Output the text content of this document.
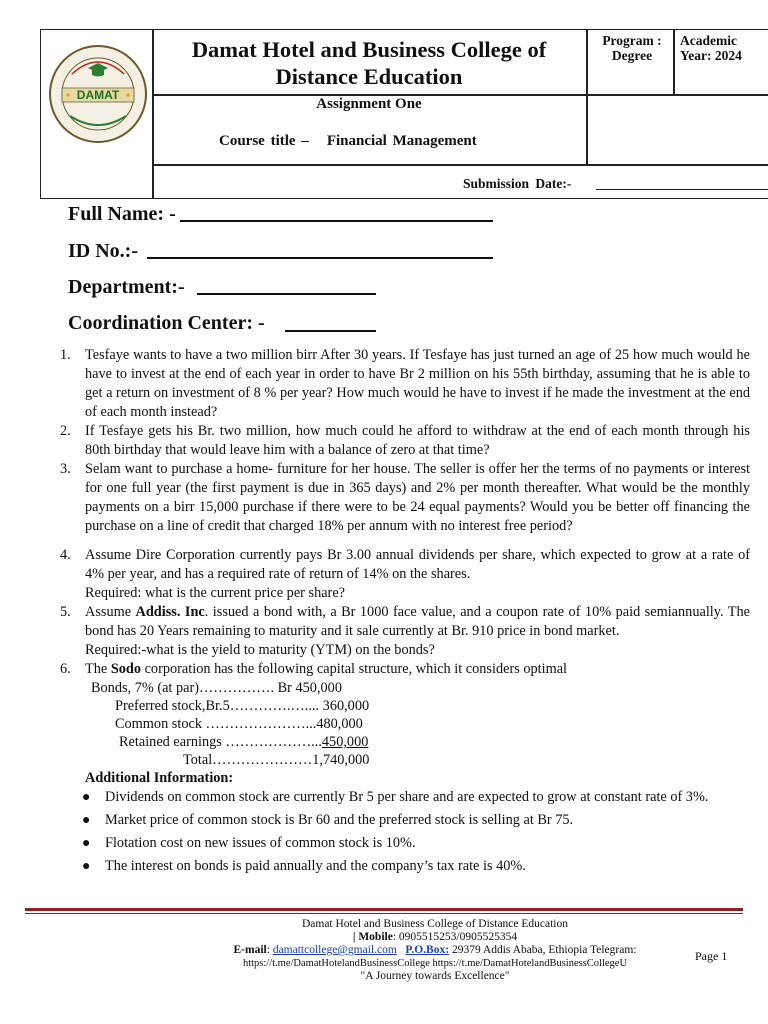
Damat Hotel and Business College of
Distance Education
Program :
Degree
Academic
Year: 2024
Assignment One
Course title – Financial Management
Submission Date:-
DAMAT
Full Name: -
ID No.:-
Department:-
Coordination Center: -
1. Tesfaye wants to have a two million birr After 30 years. If Tesfaye has just turned an age of 25 how much would he have to invest at the end of each year in order to have Br 2 million on his 55th birthday, assuming that he is able to get a return on investment of 8 % per year? How much would he have to invest if he made the investment at the end of each month instead?

2. If Tesfaye gets his Br. two million, how much could he afford to withdraw at the end of each month through his 80th birthday that would leave him with a balance of zero at that time?

3. Selam want to purchase a home- furniture for her house. The seller is offer her the terms of no payments or interest for one full year (the first payment is due in 365 days) and 2% per month thereafter. What would be the monthly payments on a birr 15,000 purchase if there were to be 24 equal payments? Would you be better off financing the purchase on a line of credit that charged 18% per annum with no interest free period?

4. Assume Dire Corporation currently pays Br 3.00 annual dividends per share, which expected to grow at a rate of 4% per year, and has a required rate of return of 14% on the shares.

Required: what is the current price per share?

5. Assume Addiss. Inc. issued a bond with, a Br 1000 face value, and a coupon rate of 10% paid semiannually. The bond has 20 Years remaining to maturity and it sale currently at Br. 910 price in bond market.

Required:-what is the yield to maturity (YTM) on the bonds?

6. The Sodo corporation has the following capital structure, which it considers optimal

Bonds, 7% (at par)……………. Br 450,000
Preferred stock,Br.5………….….... 360,000
Common stock …………………...480,000
Retained earnings ………………...450,000
Total…………………1,740,000
Additional Information:
● Dividends on common stock are currently Br 5 per share and are expected to grow at constant rate of 3%.
● Market price of common stock is Br 60 and the preferred stock is selling at Br 75.
● Flotation cost on new issues of common stock is 10%.
● The interest on bonds is paid annually and the company’s tax rate is 40%.
Damat Hotel and Business College of Distance Education
| Mobile: 0905515253/0905525354
E-mail: damattcollege@gmail.com P.O.Box: 29379 Addis Ababa, Ethiopia Telegram:
https://t.me/DamatHotelandBusinessCollege https://t.me/DamatHotelandBusinessCollegeU
"A Journey towards Excellence"
Page 1
